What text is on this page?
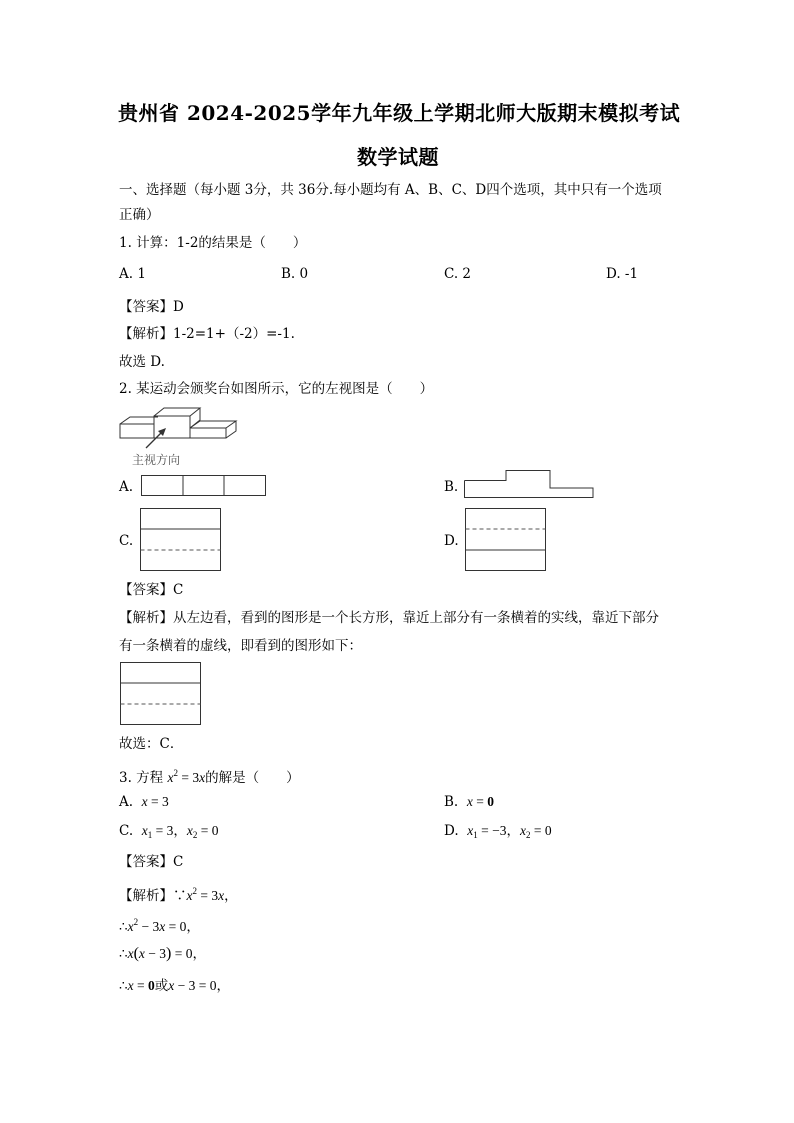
贵州省 2024-2025学年九年级上学期北师大版期末模拟考试
数学试题
一、选择题（每小题 3分，共 36分.每小题均有 A、B、C、D四个选项，其中只有一个选项
正确）
1. 计算：1-2的结果是（　　）
A. 1	B. 0	C. 2	D. -1
【答案】D
【解析】1-2=1+（-2）=-1.
故选 D.
2. 某运动会颁奖台如图所示，它的左视图是（　　）
主视方向
A.	B.
C.	D.
【答案】C
【解析】从左边看，看到的图形是一个长方形，靠近上部分有一条横着的实线，靠近下部分
有一条横着的虚线，即看到的图形如下：
故选：C．
3. 方程 $x^2 = 3x$的解是（　　）
A. x = 3	B. x = 0
C. $x_1 = 3$，$x_2 = 0$	D. $x_1 = -3$，$x_2 = 0$
【答案】C
【解析】$\because x^2 = 3x$，
$\therefore x^2 - 3x = 0$，
∴x(x − 3) = 0，
∴x = 0或x − 3 = 0，
